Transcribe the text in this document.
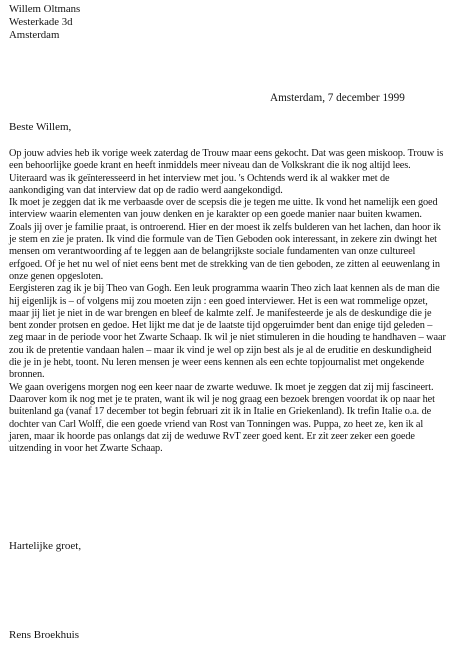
Willem Oltmans
Westerkade 3d
Amsterdam
Amsterdam, 7 december 1999
Beste Willem,

Op jouw advies heb ik vorige week zaterdag de Trouw maar eens gekocht. Dat was geen miskoop. Trouw is een behoorlijke goede krant en heeft inmiddels meer niveau dan de Volkskrant die ik nog altijd lees. Uiteraard was ik geïnteresseerd in het interview met jou. 's Ochtends werd ik al wakker met de aankondiging van dat interview dat op de radio werd aangekondigd.

Ik moet je zeggen dat ik me verbaasde over de scepsis die je tegen me uitte. Ik vond het namelijk een goed interview waarin elementen van jouw denken en je karakter op een goede manier naar buiten kwamen. Zoals jij over je familie praat, is ontroerend. Hier en der moest ik zelfs bulderen van het lachen, dan hoor ik je stem en zie je praten. Ik vind die formule van de Tien Geboden ook interessant, in zekere zin dwingt het mensen om verantwoording af te leggen aan de belangrijkste sociale fundamenten van onze cultureel erfgoed. Of je het nu wel of niet eens bent met de strekking van de tien geboden, ze zitten al eeuwenlang in onze genen opgesloten.

Eergisteren zag ik je bij Theo van Gogh. Een leuk programma waarin Theo zich laat kennen als de man die hij eigenlijk is – of volgens mij zou moeten zijn : een goed interviewer. Het is een wat rommelige opzet, maar jij liet je niet in de war brengen en bleef de kalmte zelf. Je manifesteerde je als de deskundige die je bent zonder protsen en gedoe. Het lijkt me dat je de laatste tijd opgeruimder bent dan enige tijd geleden – zeg maar in de periode voor het Zwarte Schaap. Ik wil je niet stimuleren in die houding te handhaven – waar zou ik de pretentie vandaan halen – maar ik vind je wel op zijn best als je al de eruditie en deskundigheid die je in je hebt, toont. Nu leren mensen je weer eens kennen als een echte topjournalist met ongekende bronnen.

We gaan overigens morgen nog een keer naar de zwarte weduwe. Ik moet je zeggen dat zij mij fascineert. Daarover kom ik nog met je te praten, want ik wil je nog graag een bezoek brengen voordat ik op naar het buitenland ga (vanaf 17 december tot begin februari zit ik in Italie en Griekenland). Ik trefin Italie o.a. de dochter van Carl Wolff, die een goede vriend van Rost van Tonningen was. Puppa, zo heet ze, ken ik al jaren, maar ik hoorde pas onlangs dat zij de weduwe RvT zeer goed kent. Er zit zeer zeker een goede uitzending in voor het Zwarte Schaap.

Hartelijke groet,
Rens Broekhuis
